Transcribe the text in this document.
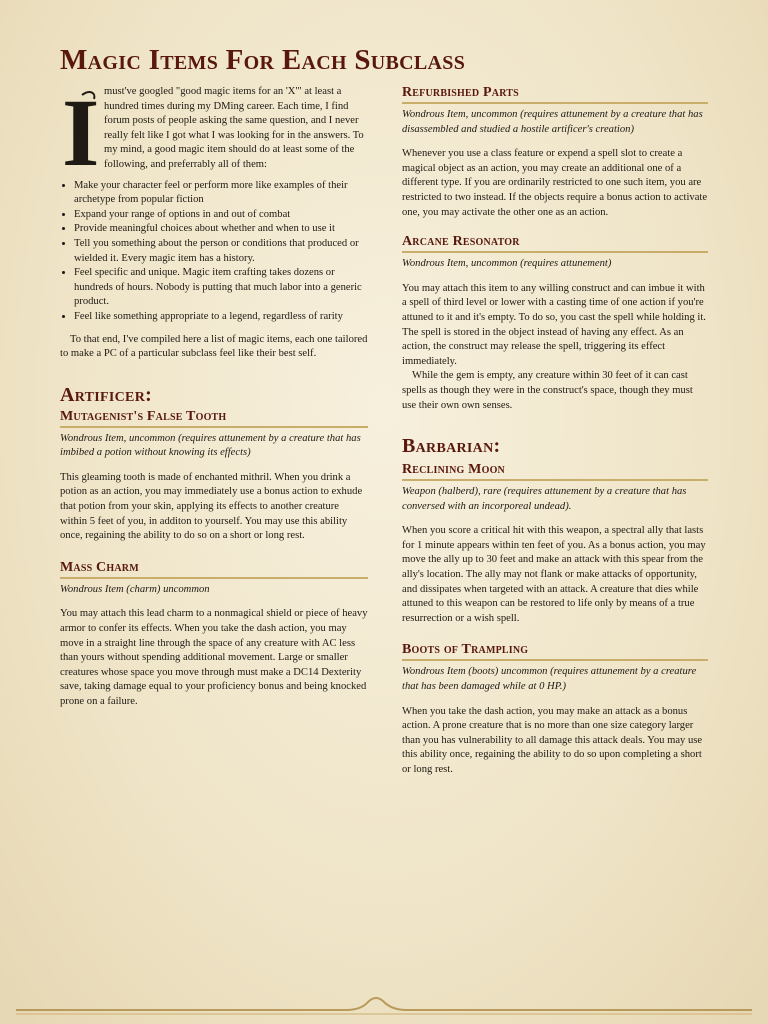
Magic Items For Each Subclass
I must've googled "good magic items for an 'X'" at least a hundred times during my DMing career. Each time, I find forum posts of people asking the same question, and I never really felt like I got what I was looking for in the answers. To my mind, a good magic item should do at least some of the following, and preferrably all of them:

• Make your character feel or perform more like examples of their archetype from popular fiction
• Expand your range of options in and out of combat
• Provide meaningful choices about whether and when to use it
• Tell you something about the person or conditions that produced or wielded it. Every magic item has a history.
• Feel specific and unique. Magic item crafting takes dozens or hundreds of hours. Nobody is putting that much labor into a generic product.
• Feel like something appropriate to a legend, regardless of rarity

To that end, I've compiled here a list of magic items, each one tailored to make a PC of a particular subclass feel like their best self.

Artificer:
Mutagenist's False Tooth

Wondrous Item, uncommon (requires attunement by a creature that has imbibed a potion without knowing its effects)

This gleaming tooth is made of enchanted mithril. When you drink a potion as an action, you may immediately use a bonus action to exhude that potion from your skin, applying its effects to another creature within 5 feet of you, in additon to yourself. You may use this ability once, regaining the ability to do so on a short or long rest.

Mass Charm

Wondrous Item (charm) uncommon

You may attach this lead charm to a nonmagical shield or piece of heavy armor to confer its effects. When you take the dash action, you may move in a straight line through the space of any creature with AC less than yours without spending additional movement. Large or smaller creatures whose space you move through must make a DC14 Dexterity save, taking damage equal to your proficiency bonus and being knocked prone on a failure.

Refurbished Parts

Wondrous Item, uncommon (requires attunement by a creature that has disassembled and studied a hostile artificer's creation)

Whenever you use a class feature or expend a spell slot to create a magical object as an action, you may create an additional one of a different type. If you are ordinarily restricted to one such item, you are restricted to two instead. If the objects require a bonus action to activate one, you may activate the other one as an action.

Arcane Resonator

Wondrous Item, uncommon (requires attunement)

You may attach this item to any willing construct and can imbue it with a spell of third level or lower with a casting time of one action if you're attuned to it and it's empty. To do so, you cast the spell while holding it. The spell is stored in the object instead of having any effect. As an action, the construct may release the spell, triggering its effect immediately.

While the gem is empty, any creature within 30 feet of it can cast spells as though they were in the construct's space, though they must use their own own senses.

Barbarian:
Reclining Moon

Weapon (halberd), rare (requires attunement by a creature that has conversed with an incorporeal undead).

When you score a critical hit with this weapon, a spectral ally that lasts for 1 minute appears within ten feet of you. As a bonus action, you may move the ally up to 30 feet and make an attack with this spear from the ally's location. The ally may not flank or make attacks of opportunity, and dissipates when targeted with an attack. A creature that dies while attuned to this weapon can be restored to life only by means of a true resurrection or a wish spell.

Boots of Trampling

Wondrous Item (boots) uncommon (requires attunement by a creature that has been damaged while at 0 HP.)

When you take the dash action, you may make an attack as a bonus action. A prone creature that is no more than one size category larger than you has vulnerability to all damage this attack deals. You may use this ability once, regaining the ability to do so upon completing a short or long rest.
